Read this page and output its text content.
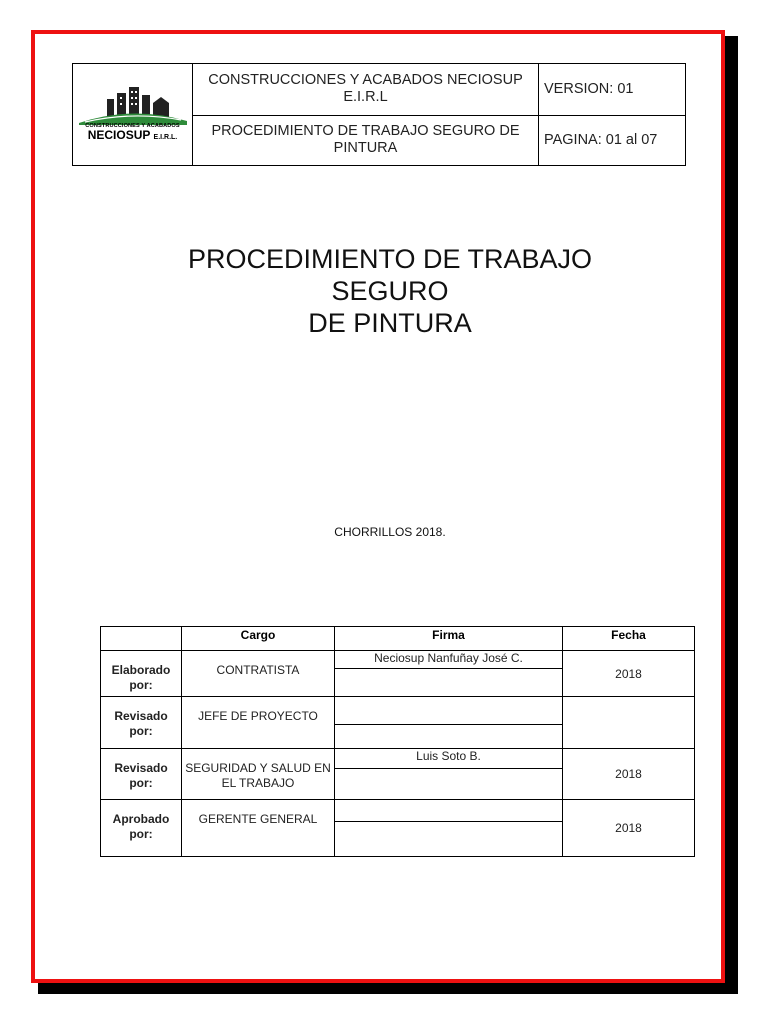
CONSTRUCCIONES Y ACABADOS
NECIOSUP E.I.R.L.	CONSTRUCCIONES Y ACABADOS NECIOSUP E.I.R.L	VERSION: 01
	PROCEDIMIENTO DE TRABAJO SEGURO DE PINTURA	PAGINA: 01 al 07
PROCEDIMIENTO DE TRABAJO
SEGURO
DE PINTURA
CHORRILLOS 2018.
	Cargo	Firma	Fecha

Elaborado
por:	CONTRATISTA	Neciosup Nanfuñay José C.	2018

Revisado
por:	JEFE DE PROYECTO	

Revisado
por:	SEGURIDAD Y SALUD EN EL TRABAJO	Luis Soto B.	2018

Aprobado
por:	GERENTE GENERAL		2018
